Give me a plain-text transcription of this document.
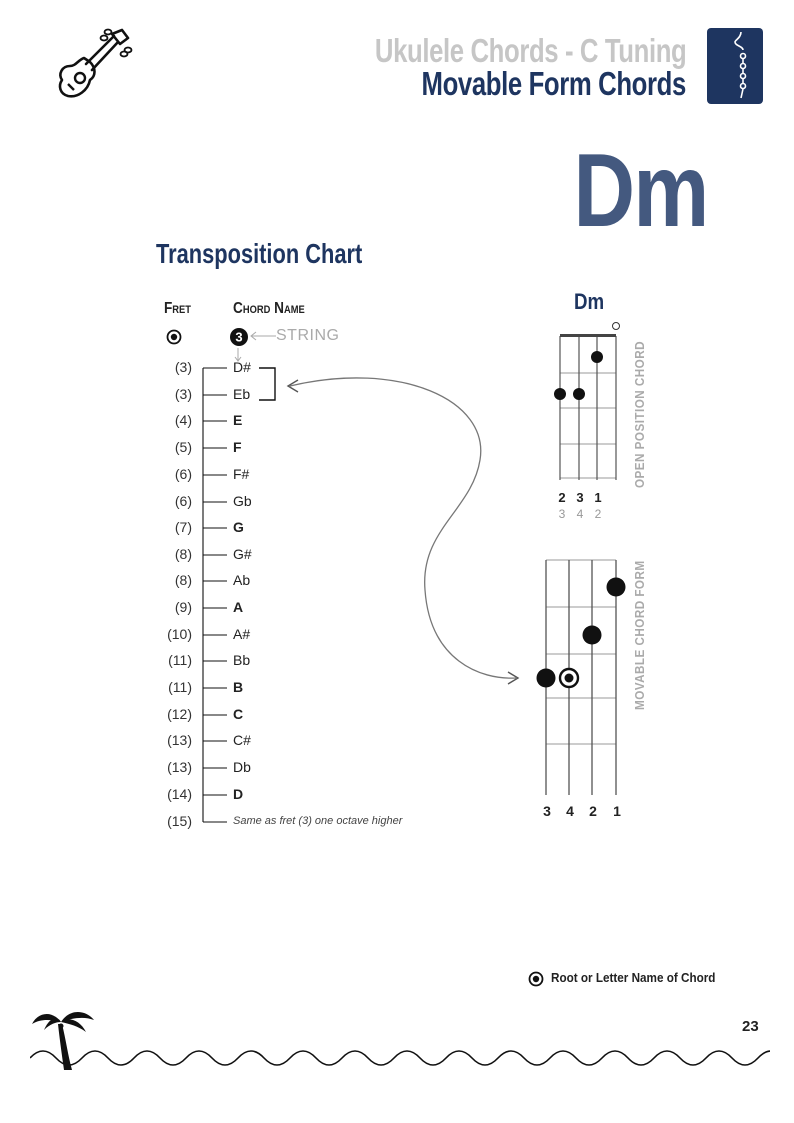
Ukulele Chords - C Tuning
Movable Form Chords
Dm
Transposition Chart
Fret	Chord Name
3 STRING
(3)	D#
(3)	Eb
(4)	E
(5)	F
(6)	F#
(6)	Gb
(7)	G
(8)	G#
(8)	Ab
(9)	A
(10)	A#
(11)	Bb
(11)	B
(12)	C
(13)	C#
(13)	Db
(14)	D
(15)	Same as fret (3) one octave higher
Dm
OPEN POSITION CHORD
2 3 1
3 4 2
MOVABLE CHORD FORM
3 4 2 1
Root or Letter Name of Chord
23
